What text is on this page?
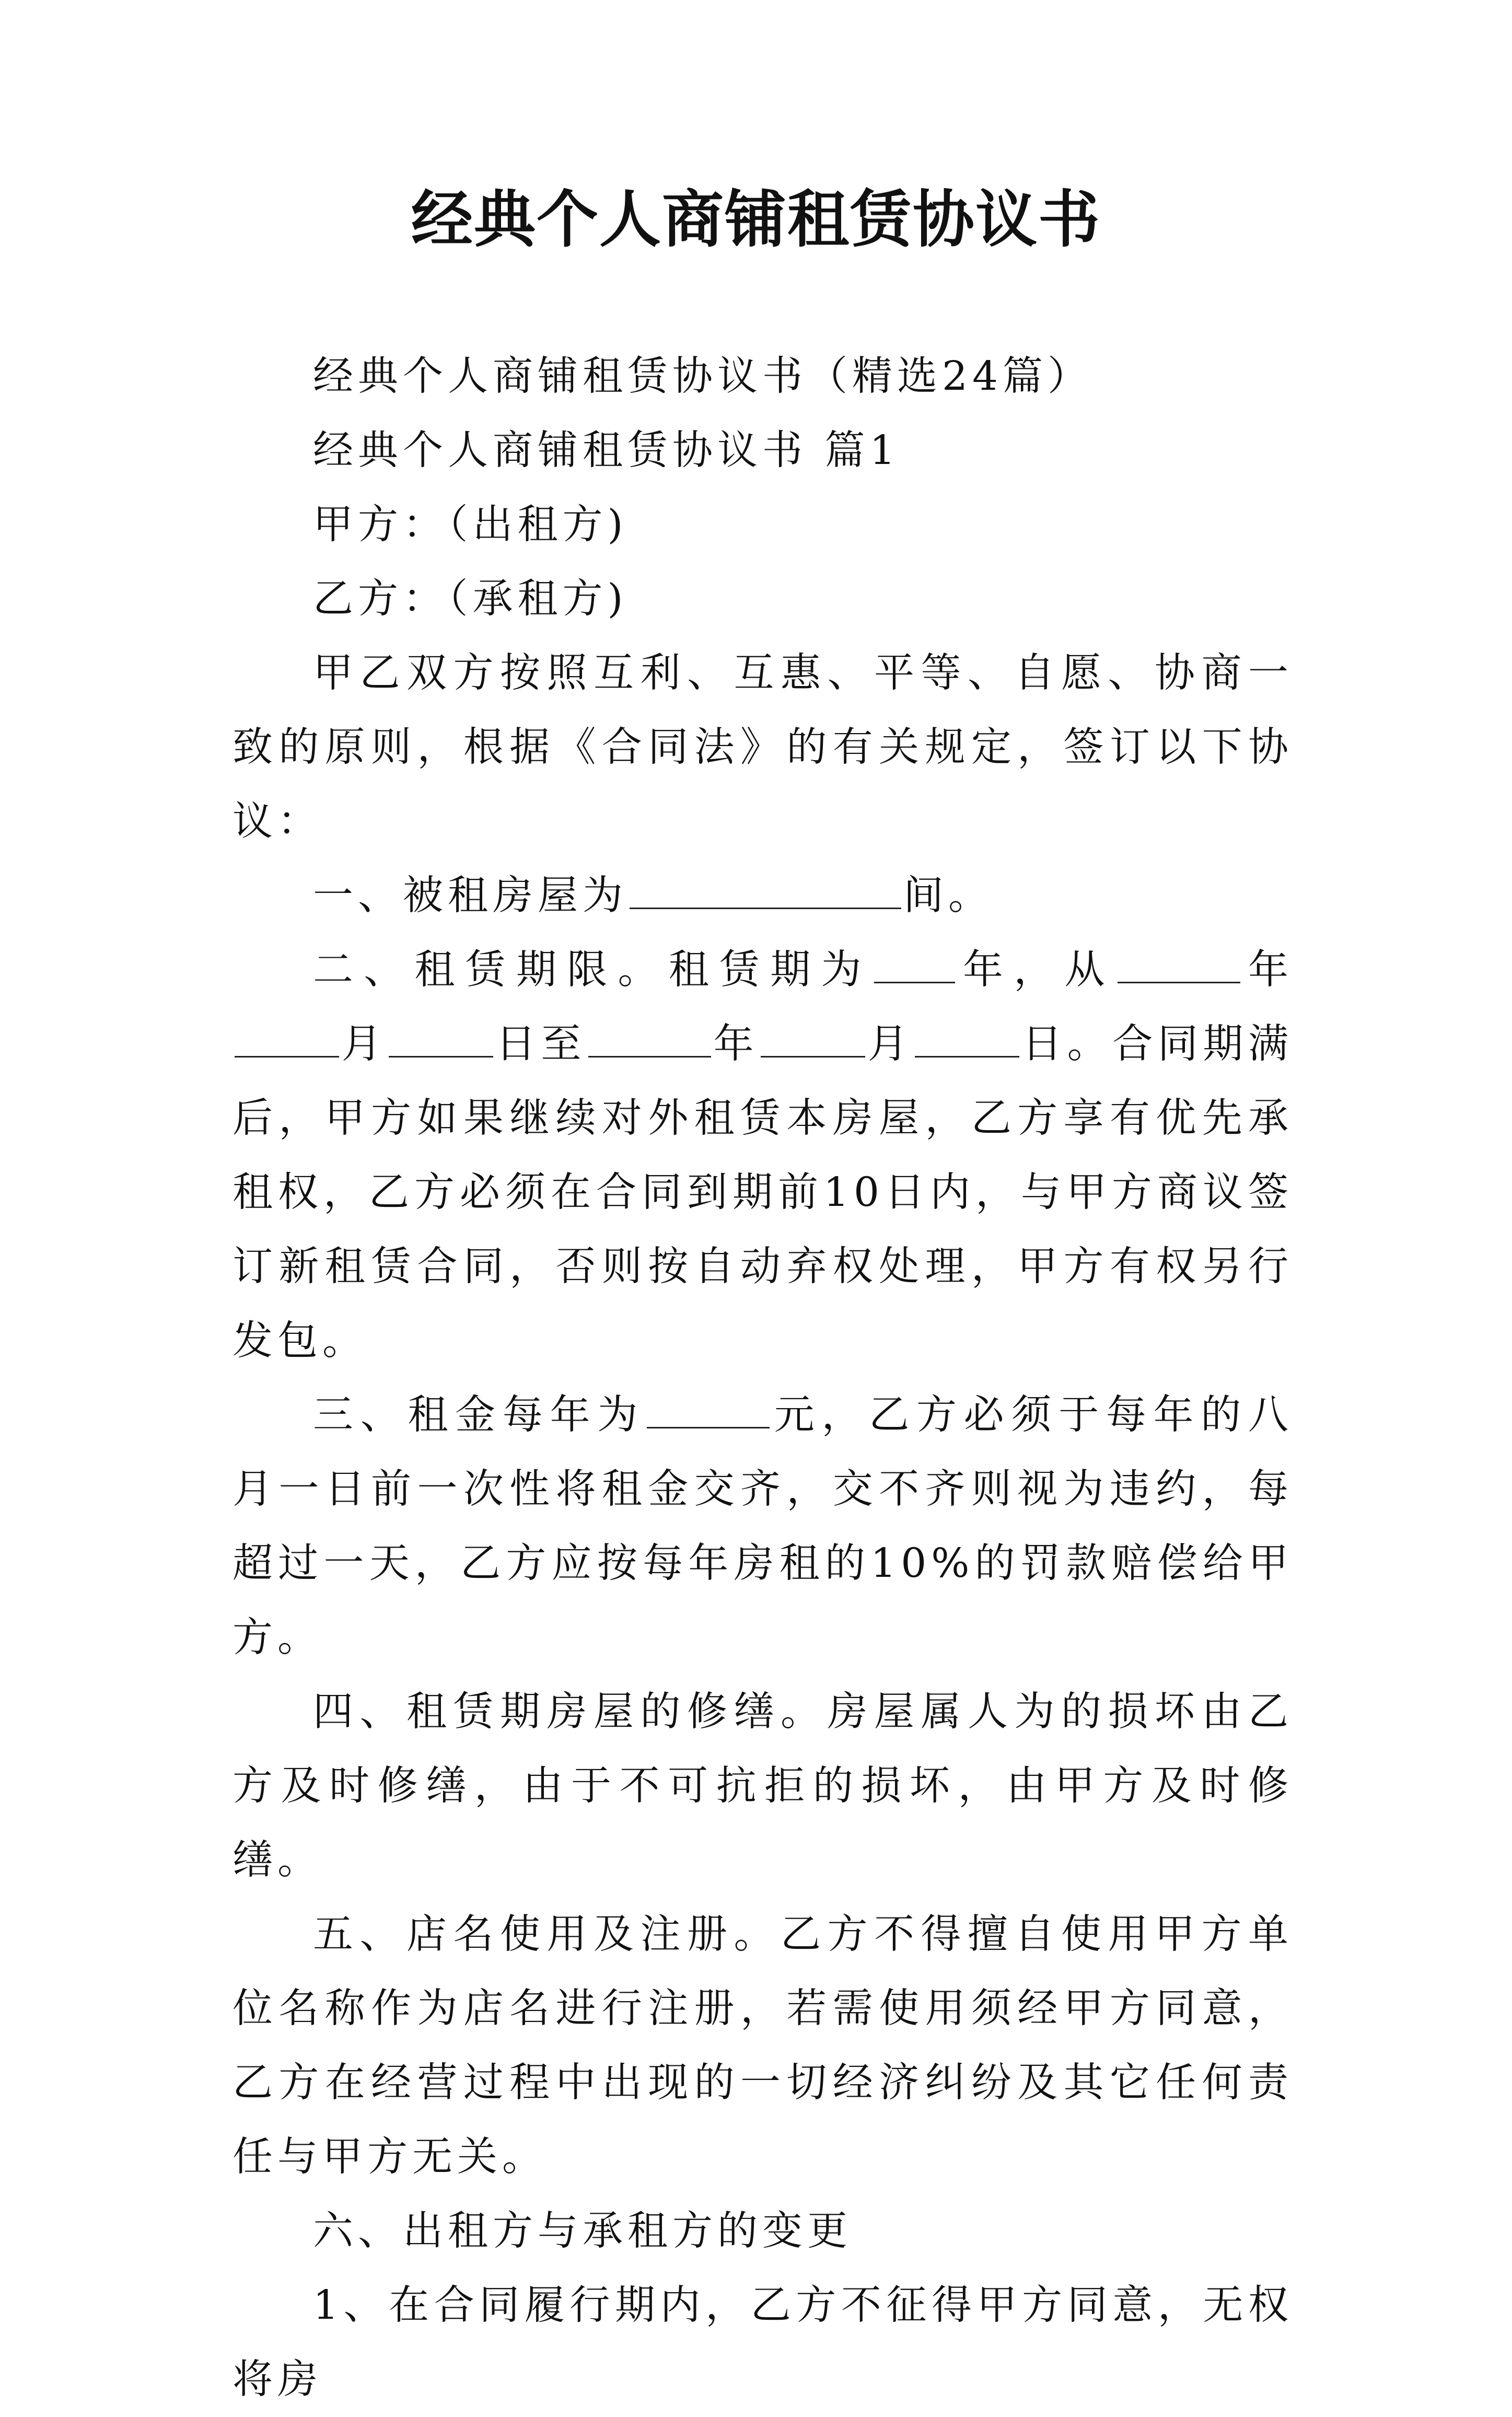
经典个人商铺租赁协议书

经典个人商铺租赁协议书（精选24篇）

经典个人商铺租赁协议书 篇1

甲方：（出租方)

乙方：（承租方)

甲乙双方按照互利、互惠、平等、自愿、协商一致的原则，根据《合同法》的有关规定，签订以下协议：

一、被租房屋为	间。

二、租赁期限。租赁期为 年，从	年月	日至	年	月	日。合同期满后，甲方如果继续对外租赁本房屋，乙方享有优先承租权，乙方必须在合同到期前10日内，与甲方商议签订新租赁合同，否则按自动弃权处理，甲方有权另行发包。

三、租金每年为	元，乙方必须于每年的八月一日前一次性将租金交齐，交不齐则视为违约，每超过一天，乙方应按每年房租的10%的罚款赔偿给甲方。

四、租赁期房屋的修缮。房屋属人为的损坏由乙方及时修缮，由于不可抗拒的损坏，由甲方及时修缮。

五、店名使用及注册。乙方不得擅自使用甲方单位名称作为店名进行注册，若需使用须经甲方同意，乙方在经营过程中出现的一切经济纠纷及其它任何责任与甲方无关。

六、出租方与承租方的变更

1、在合同履行期内，乙方不征得甲方同意，无权将房
